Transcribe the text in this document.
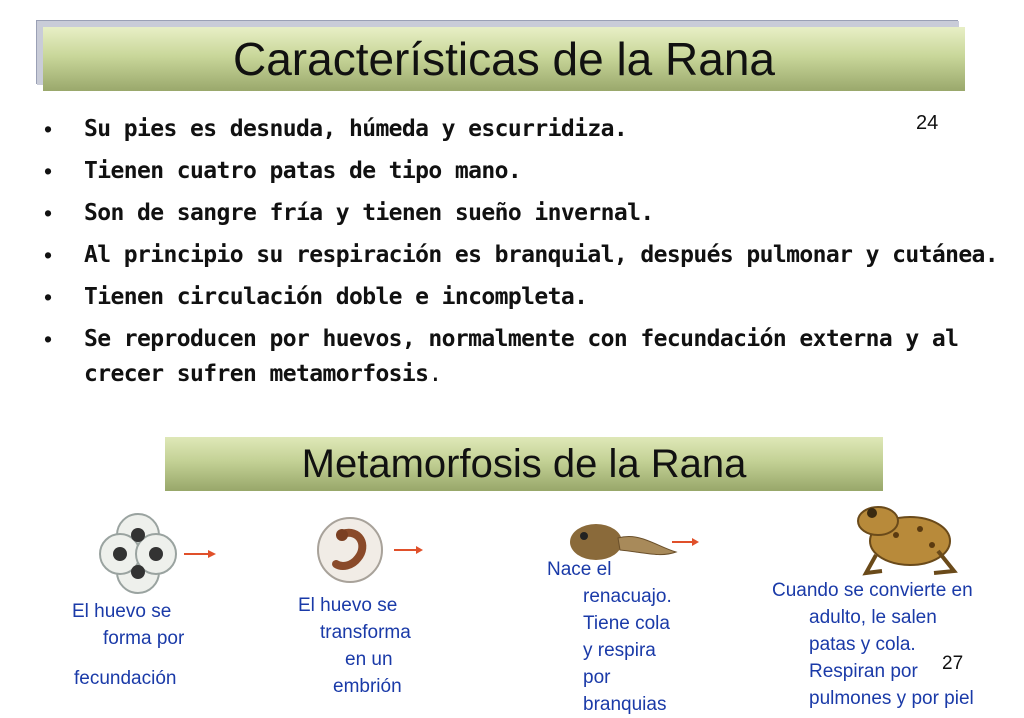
Características de la Rana
24
• Su pies es desnuda, húmeda y escurridiza.
• Tienen cuatro patas de tipo mano.
• Son de sangre fría y tienen sueño invernal.
• Al principio su respiración es branquial, después pulmonar y cutánea.
• Tienen circulación doble e incompleta.
• Se reproducen por huevos, normalmente con fecundación externa y al crecer sufren metamorfosis.
Metamorfosis de la Rana
El huevo se
forma por
fecundación
El huevo se
transforma
en un
embrión
Nace el
renacuajo.
Tiene cola
y respira
por
branquias
Cuando se convierte en
adulto, le salen
patas y cola.
Respiran por
pulmones y por piel
27
